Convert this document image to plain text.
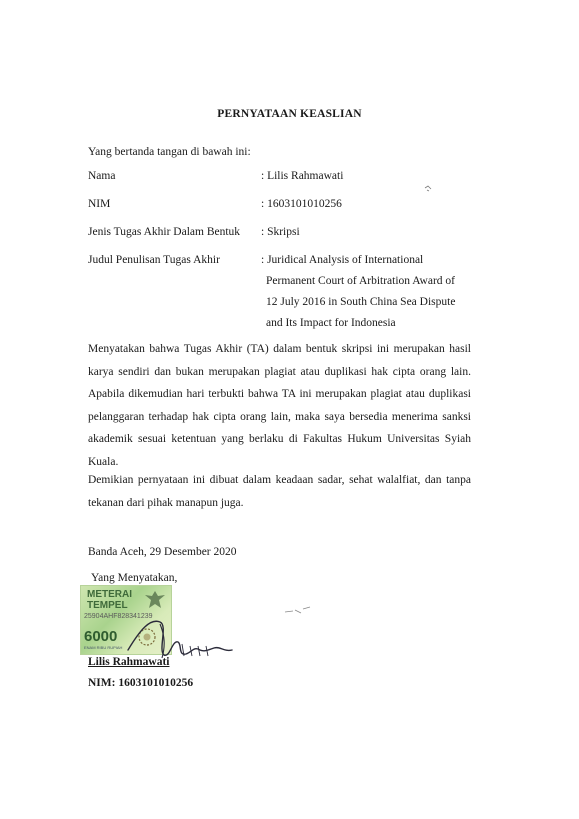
PERNYATAAN KEASLIAN
Yang bertanda tangan di bawah ini:
Nama	: Lilis Rahmawati
NIM	: 1603101010256
Jenis Tugas Akhir Dalam Bentuk : Skripsi
Judul Penulisan Tugas Akhir	: Juridical Analysis of International
Permanent Court of Arbitration Award of
12 July 2016 in South China Sea Dispute
and Its Impact for Indonesia
Menyatakan bahwa Tugas Akhir (TA) dalam bentuk skripsi ini merupakan hasil karya sendiri dan bukan merupakan plagiat atau duplikasi hak cipta orang lain. Apabila dikemudian hari terbukti bahwa TA ini merupakan plagiat atau duplikasi pelanggaran terhadap hak cipta orang lain, maka saya bersedia menerima sanksi akademik sesuai ketentuan yang berlaku di Fakultas Hukum Universitas Syiah Kuala.
Demikian pernyataan ini dibuat dalam keadaan sadar, sehat walalfiat, dan tanpa tekanan dari pihak manapun juga.
Banda Aceh, 29 Desember 2020
Yang Menyatakan,
METERAI
TEMPEL
25904AHF828341239
6000
ENAM RIBU RUPIAH
Lilis Rahmawati
NIM: 1603101010256
